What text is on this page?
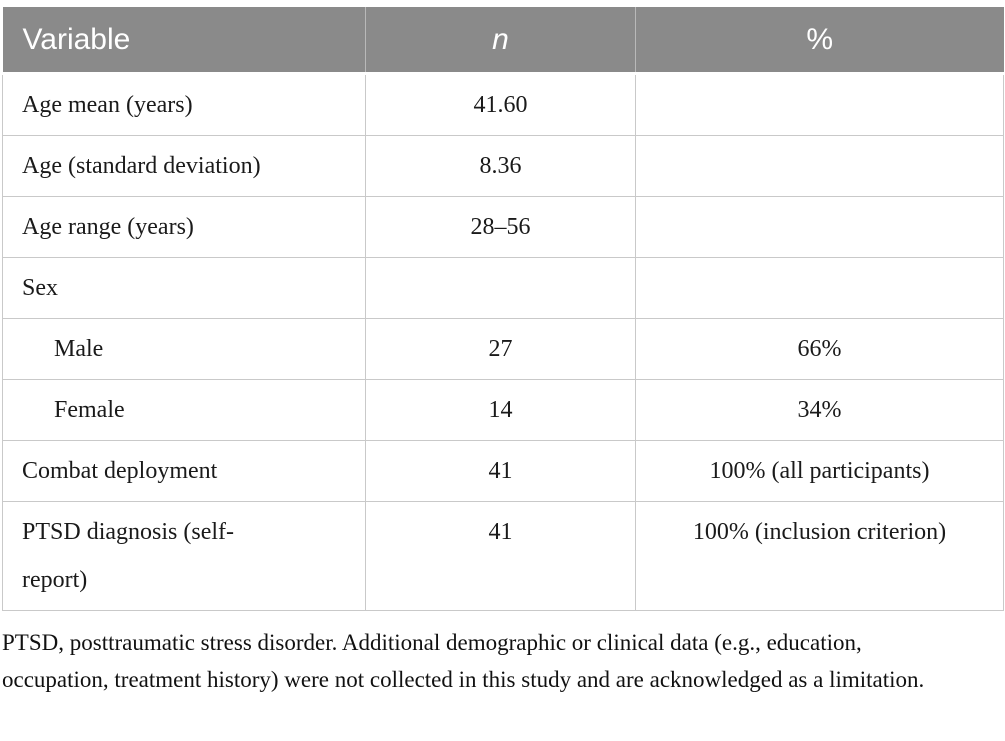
Variable	n	%
Age mean (years)	41.60	
Age (standard deviation)	8.36	
Age range (years)	28–56	
Sex		
Male	27	66%
Female	14	34%
Combat deployment	41	100% (all participants)

PTSD diagnosis (self-
report)	41	100% (inclusion criterion)

PTSD, posttraumatic stress disorder. Additional demographic or clinical data (e.g., education, occupation, treatment history) were not collected in this study and are acknowledged as a limitation.
